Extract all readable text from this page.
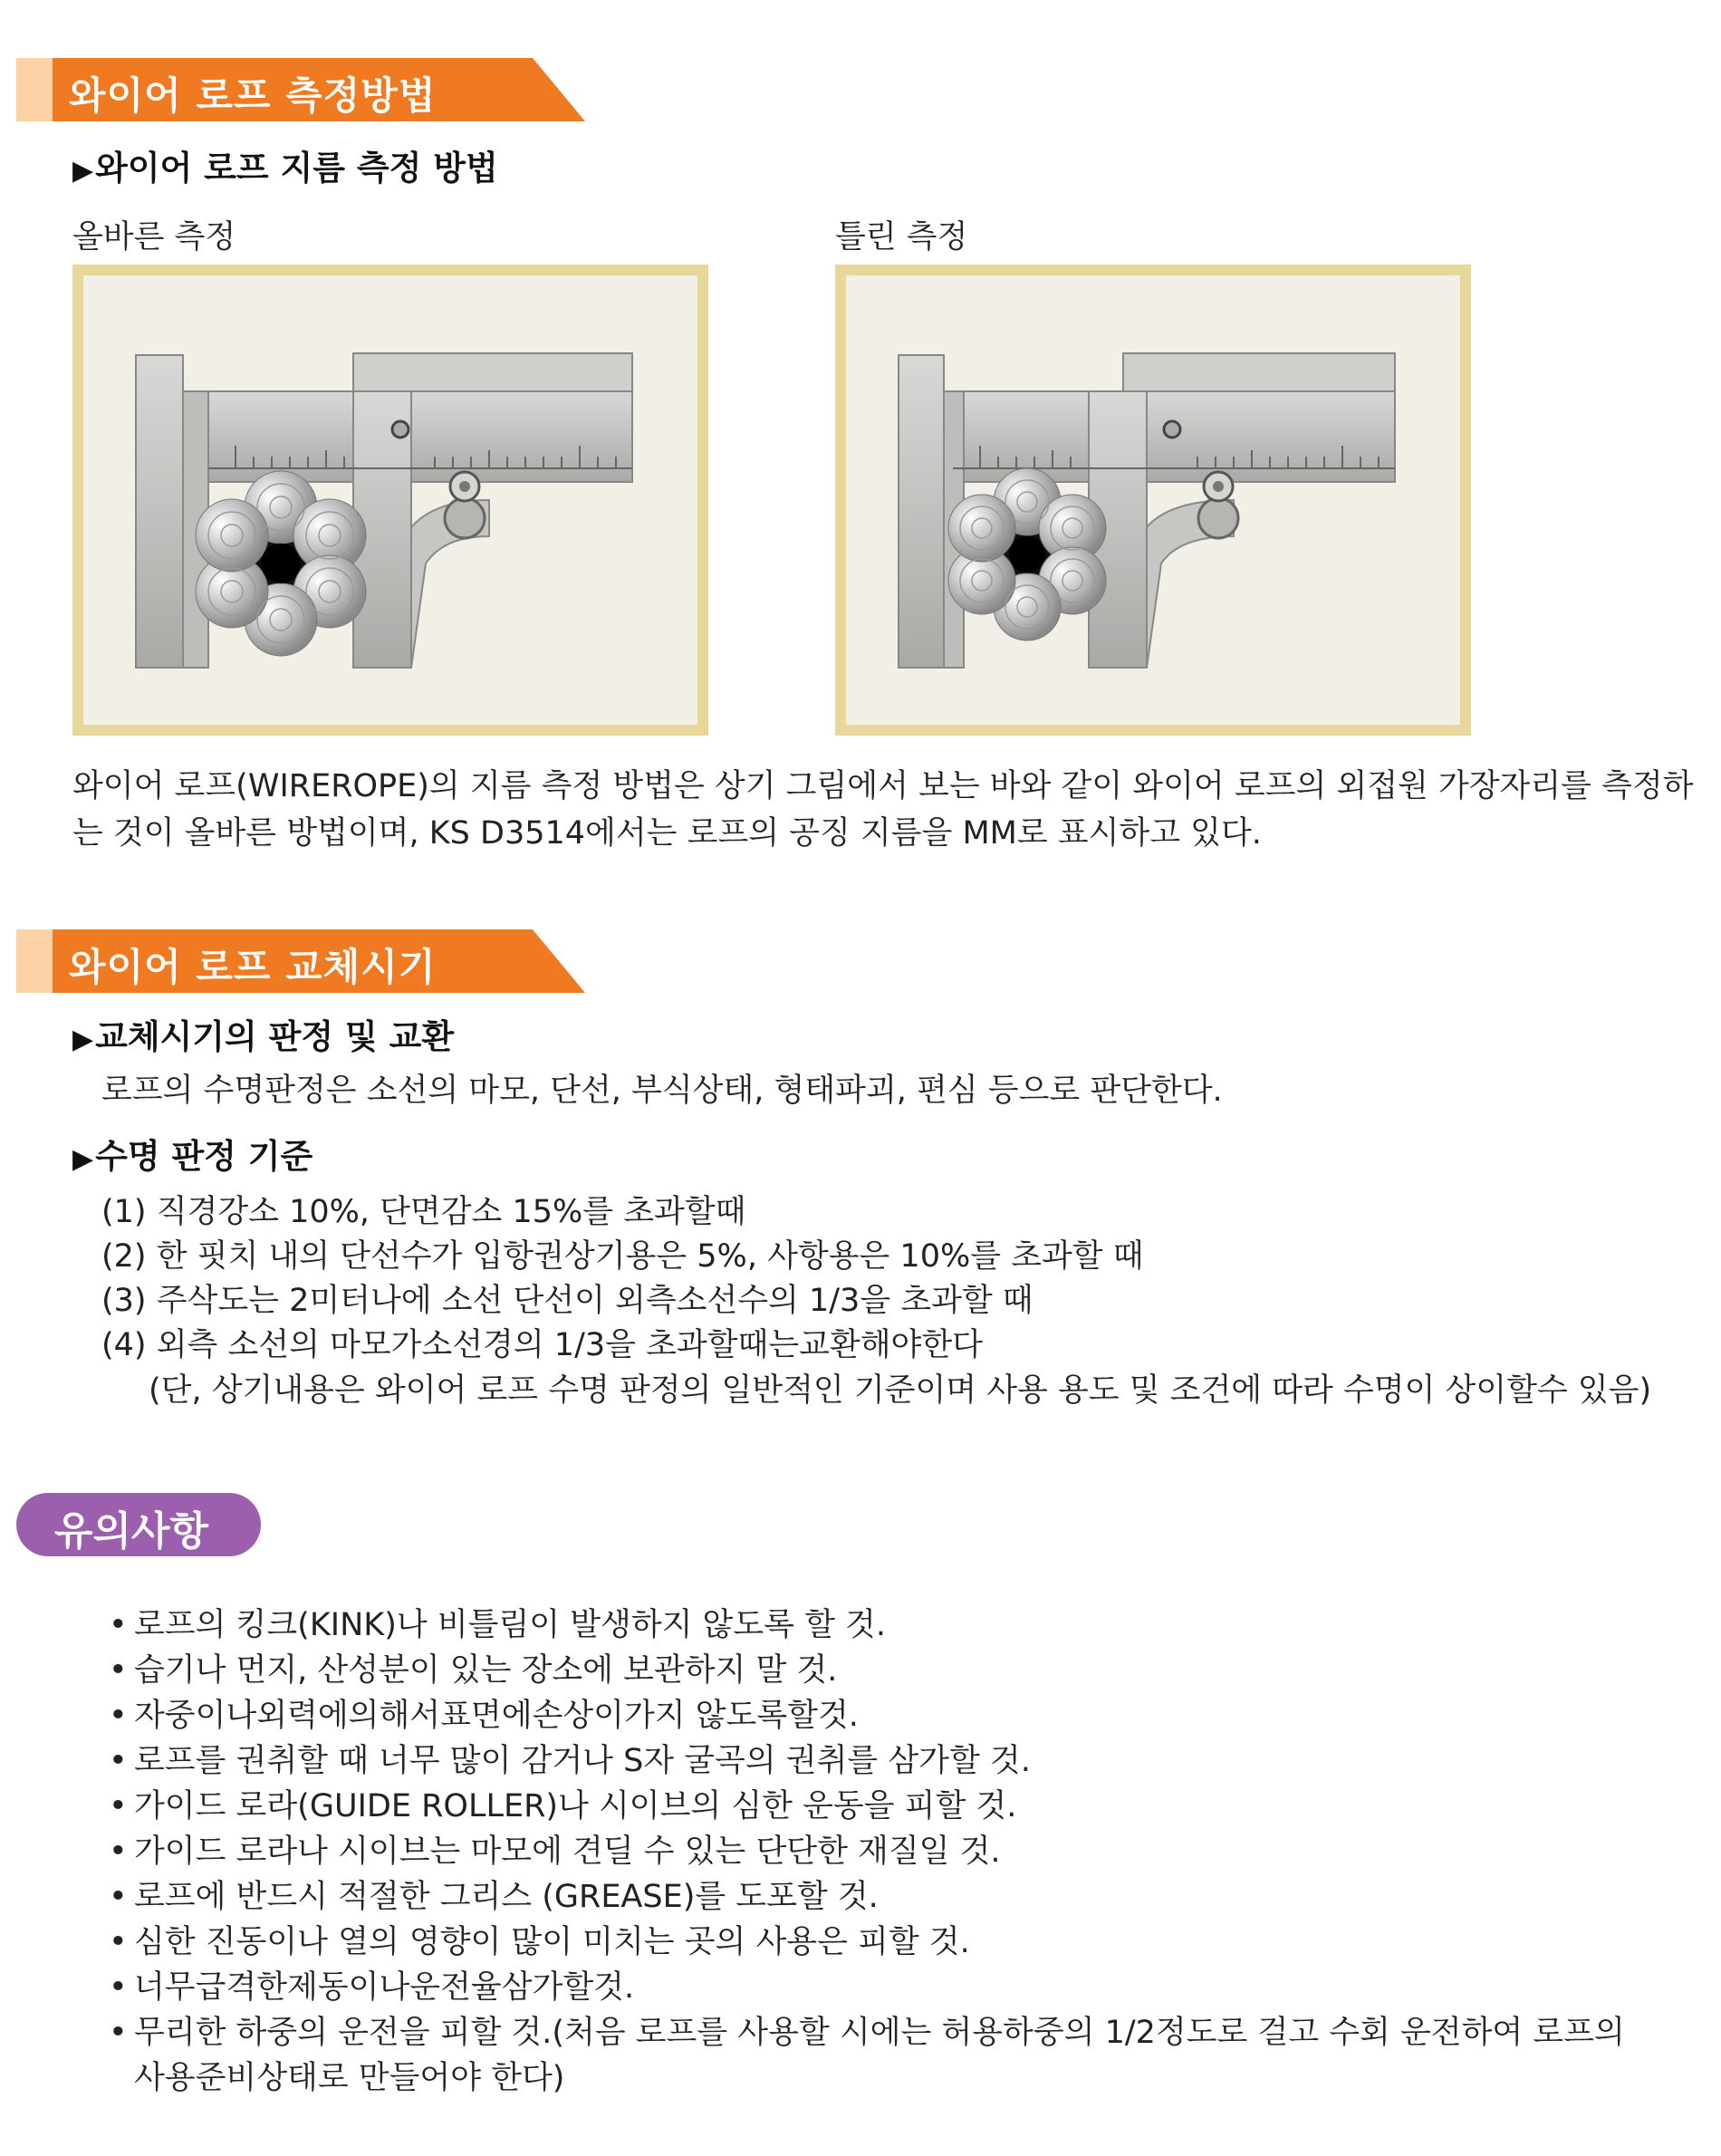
와이어 로프 측정방법
▶와이어 로프 지름 측정 방법
올바른 측정	틀린 측정
와이어 로프(WIREROPE)의 지름 측정 방법은 상기 그림에서 보는 바와 같이 와이어 로프의 외접원 가장자리를 측정하는 것이 올바른 방법이며, KS D3514에서는 로프의 공징 지름을 MM로 표시하고 있다.
와이어 로프 교체시기
▶교체시기의 판정 및 교환
로프의 수명판정은 소선의 마모, 단선, 부식상태, 형태파괴, 편심 등으로 판단한다.
▶수명 판정 기준
(1) 직경강소 10%, 단면감소 15%를 초과할때
(2) 한 핏치 내의 단선수가 입항권상기용은 5%, 사항용은 10%를 초과할 때
(3) 주삭도는 2미터나에 소선 단선이 외측소선수의 1/3을 초과할 때
(4) 외측 소선의 마모가소선경의 1/3을 초과할때는교환해야한다
(단, 상기내용은 와이어 로프 수명 판정의 일반적인 기준이며 사용 용도 및 조건에 따라 수명이 상이할수 있음)
유의사항
• 로프의 킹크(KINK)나 비틀림이 발생하지 않도록 할 것.
• 습기나 먼지, 산성분이 있는 장소에 보관하지 말 것.
• 자중이나외력에의해서표면에손상이가지 않도록할것.
• 로프를 권취할 때 너무 많이 감거나 S자 굴곡의 권취를 삼가할 것.
• 가이드 로라(GUIDE ROLLER)나 시이브의 심한 운동을 피할 것.
• 가이드 로라나 시이브는 마모에 견딜 수 있는 단단한 재질일 것.
• 로프에 반드시 적절한 그리스 (GREASE)를 도포할 것.
• 심한 진동이나 열의 영향이 많이 미치는 곳의 사용은 피할 것.
• 너무급격한제동이나운전율삼가할것.
• 무리한 하중의 운전을 피할 것.(처음 로프를 사용할 시에는 허용하중의 1/2정도로 걸고 수회 운전하여 로프의
사용준비상태로 만들어야 한다)
